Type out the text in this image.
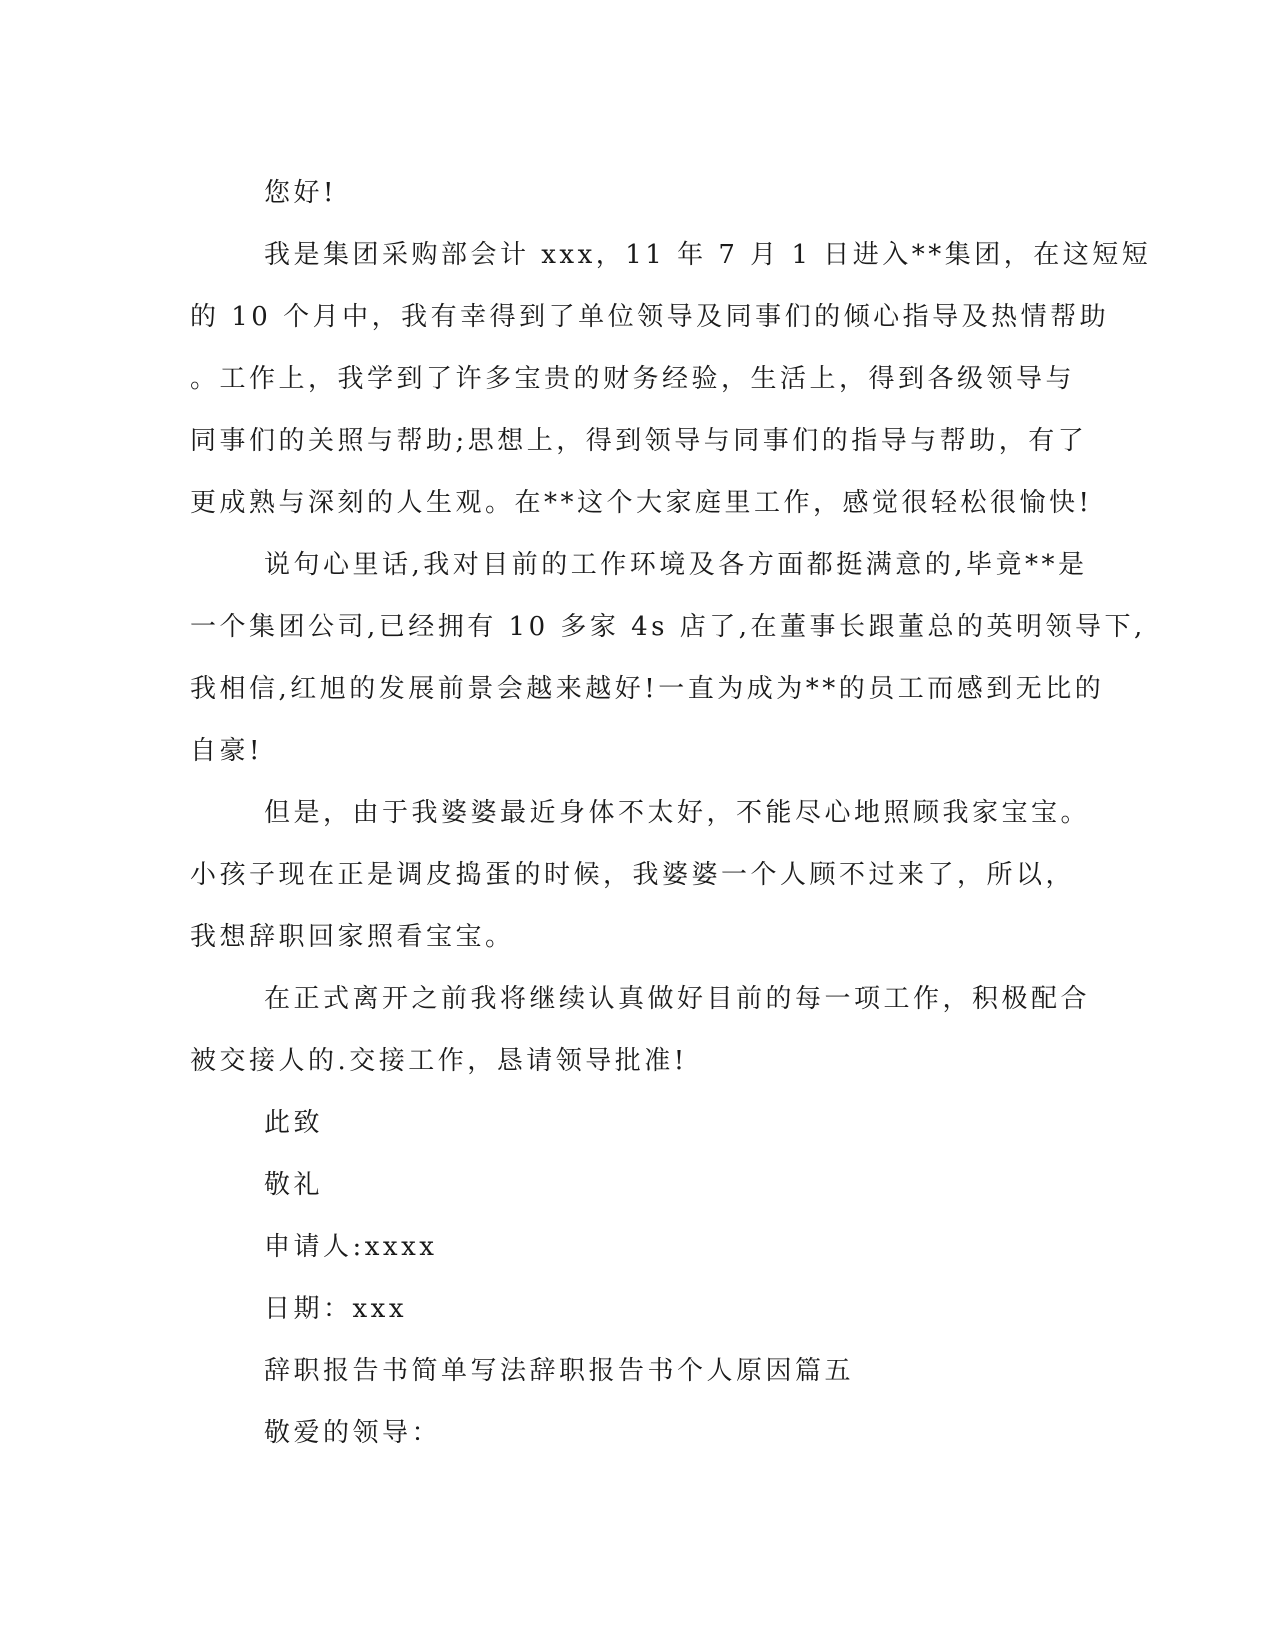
您好!
我是集团采购部会计 xxx，11 年 7 月 1 日进入**集团，在这短短
的 10 个月中，我有幸得到了单位领导及同事们的倾心指导及热情帮助
。工作上，我学到了许多宝贵的财务经验，生活上，得到各级领导与
同事们的关照与帮助;思想上，得到领导与同事们的指导与帮助，有了
更成熟与深刻的人生观。在**这个大家庭里工作，感觉很轻松很愉快!
说句心里话,我对目前的工作环境及各方面都挺满意的,毕竟**是
一个集团公司,已经拥有 10 多家 4s 店了,在董事长跟董总的英明领导下,
我相信,红旭的发展前景会越来越好!一直为成为**的员工而感到无比的
自豪!
但是，由于我婆婆最近身体不太好，不能尽心地照顾我家宝宝。
小孩子现在正是调皮捣蛋的时候，我婆婆一个人顾不过来了，所以，
我想辞职回家照看宝宝。
在正式离开之前我将继续认真做好目前的每一项工作，积极配合
被交接人的.交接工作，恳请领导批准!
此致
敬礼
申请人:xxxx
日期：xxx
辞职报告书简单写法辞职报告书个人原因篇五
敬爱的领导：
